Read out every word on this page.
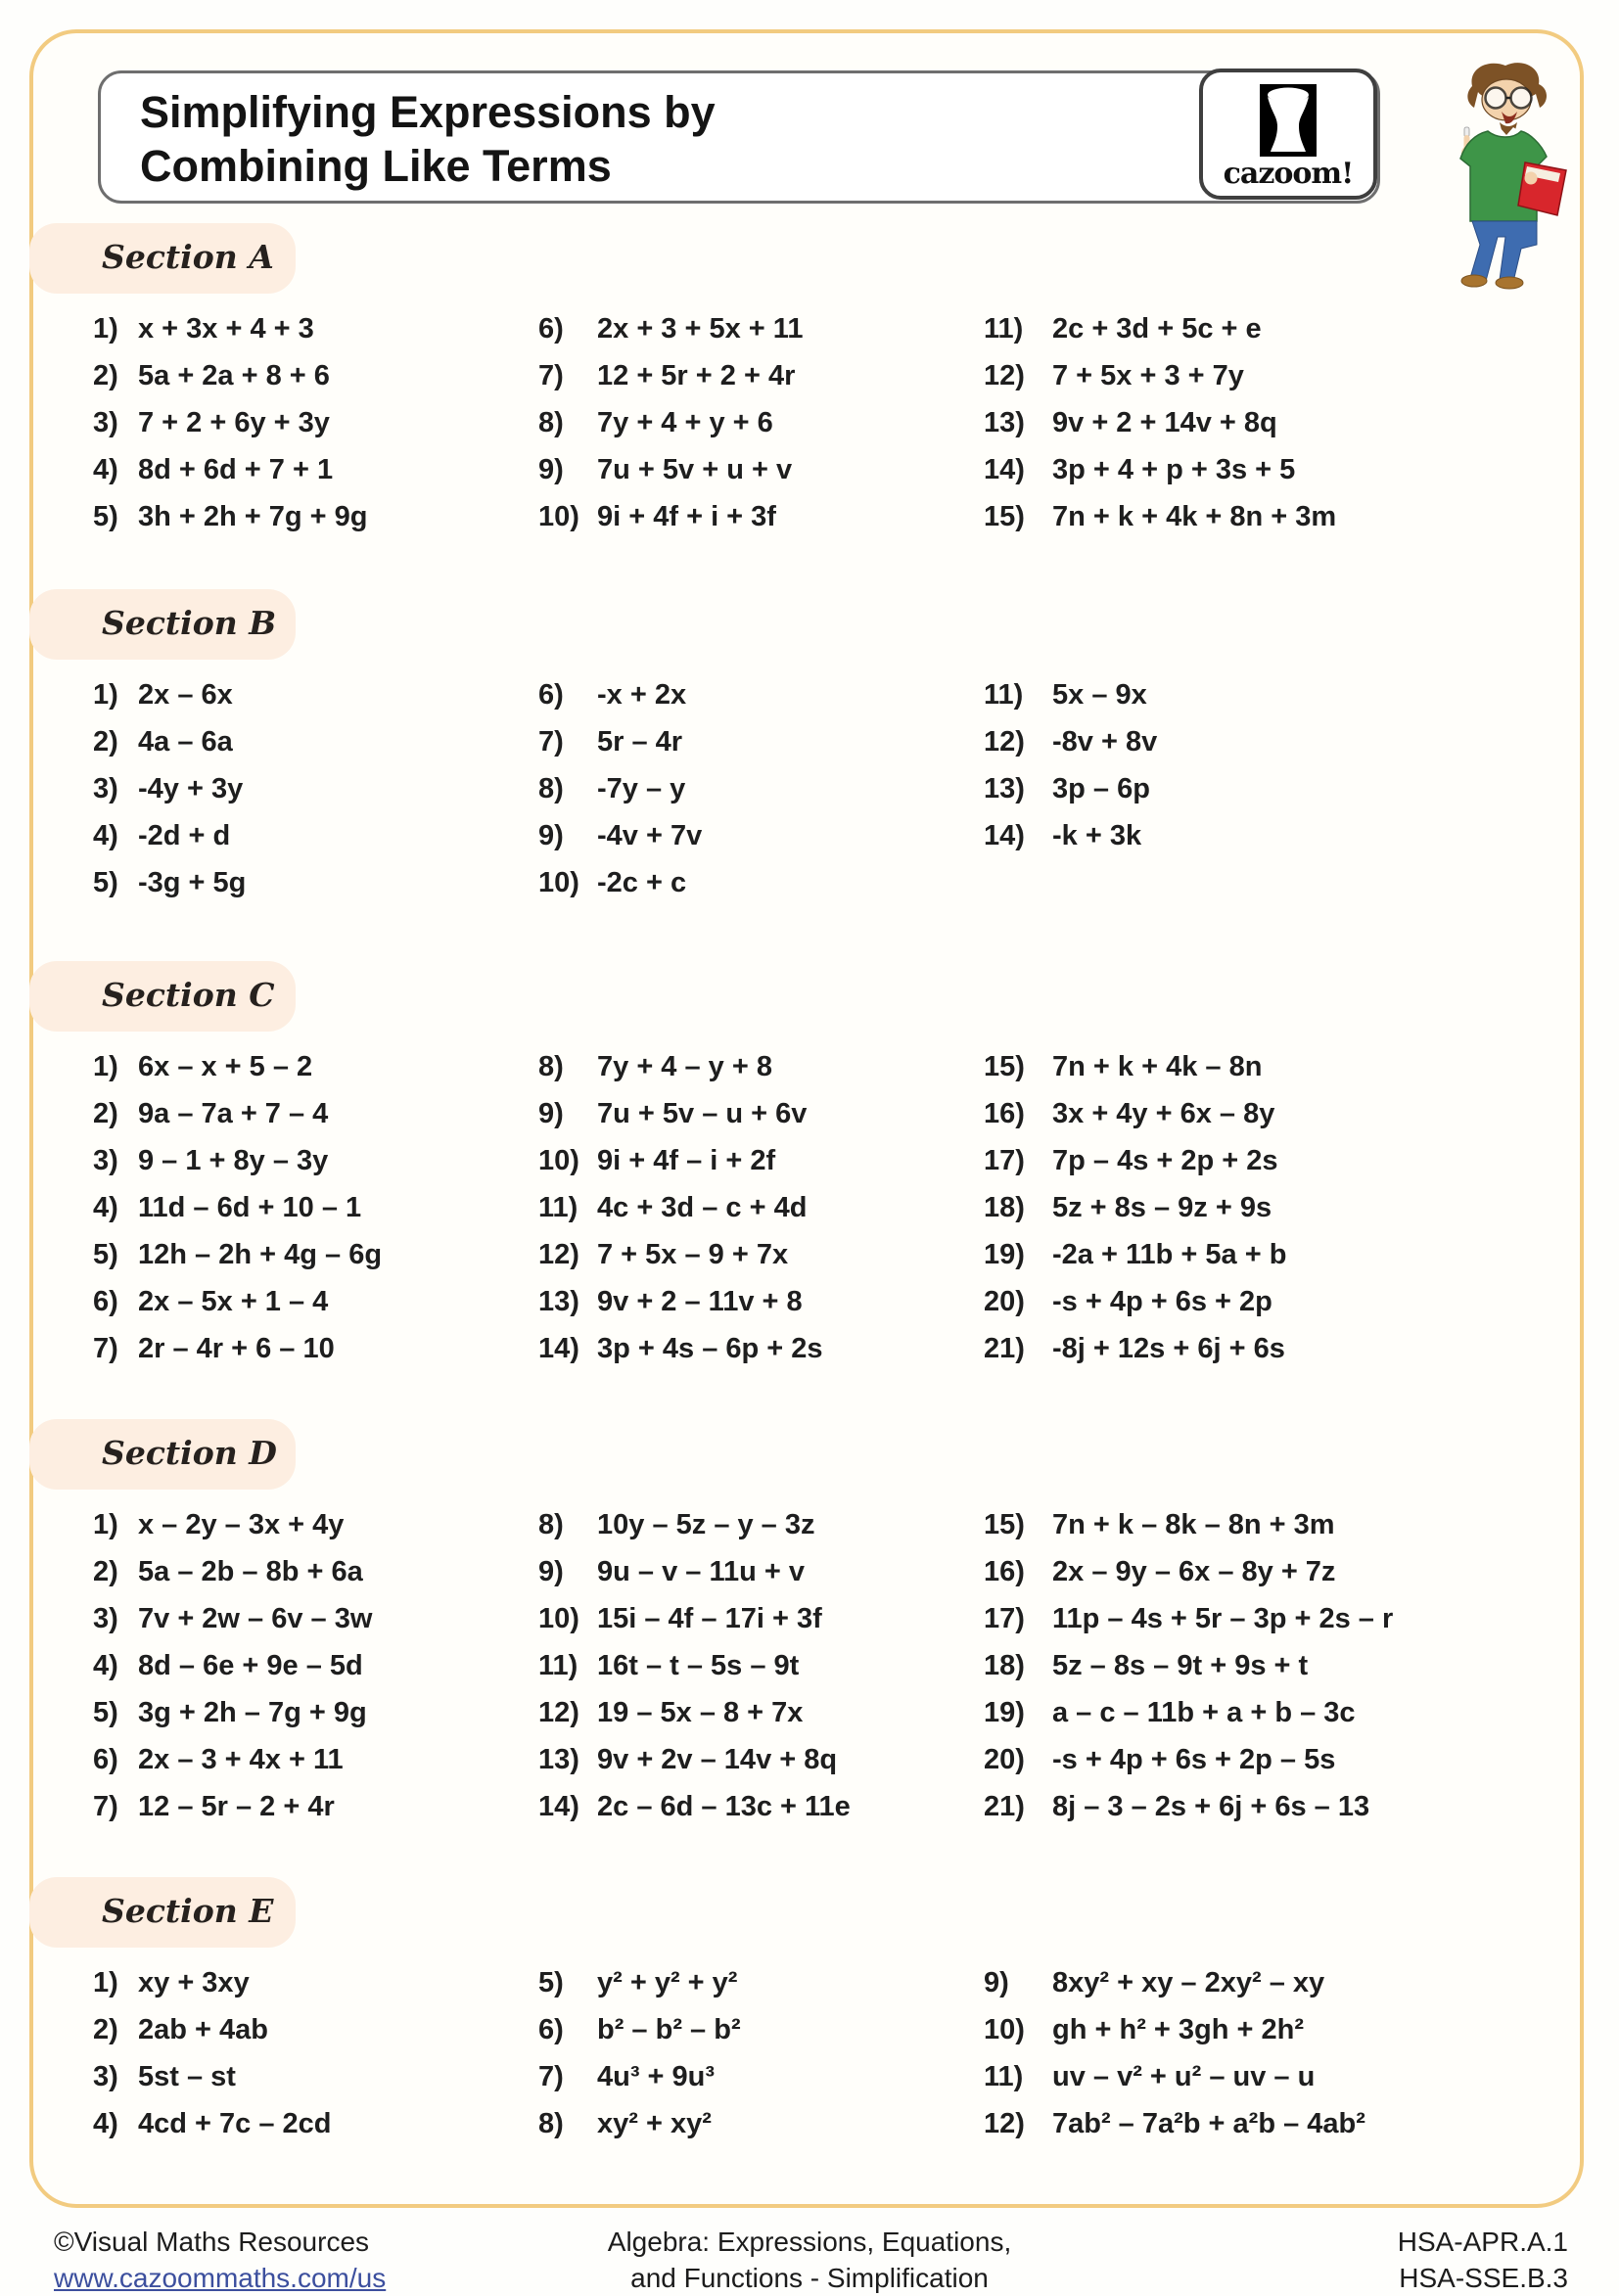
Simplifying Expressions by
Combining Like Terms	cazoom!
Section A
1) x + 3x + 4 + 3
2) 5a + 2a + 8 + 6
3) 7 + 2 + 6y + 3y
4) 8d + 6d + 7 + 1
5) 3h + 2h + 7g + 9g
6)	2x + 3 + 5x + 11
7)	12 + 5r + 2 + 4r
8)	7y + 4 + y + 6
9)	7u + 5v + u + v
10) 9i + 4f + i + 3f
11)	2c + 3d + 5c + e
12) 7 + 5x + 3 + 7y
13) 9v + 2 + 14v + 8q
14) 3p + 4 + p + 3s + 5
15) 7n + k + 4k + 8n + 3m
Section B
1) 2x – 6x
2) 4a – 6a
3) -4y + 3y
4) -2d + d
5) -3g + 5g
6)	-x + 2x
7)	5r – 4r
8)	-7y – y
9)	-4v + 7v
10) -2c + c
11)	5x – 9x
12) -8v + 8v
13) 3p – 6p
14) -k + 3k
Section C
1) 6x – x + 5 – 2
2) 9a – 7a + 7 – 4
3) 9 – 1 + 8y – 3y
4) 11d – 6d + 10 – 1
5) 12h – 2h + 4g – 6g
6) 2x – 5x + 1 – 4
7) 2r – 4r + 6 – 10
8)	7y + 4 – y + 8
9)	7u + 5v – u + 6v
10) 9i + 4f – i + 2f
11) 4c + 3d – c + 4d
12) 7 + 5x – 9 + 7x
13) 9v + 2 – 11v + 8
14) 3p + 4s – 6p + 2s
15) 7n + k + 4k – 8n
16) 3x + 4y + 6x – 8y
17) 7p – 4s + 2p + 2s
18) 5z + 8s – 9z + 9s
19) -2a + 11b + 5a + b
20) -s + 4p + 6s + 2p
21) -8j + 12s + 6j + 6s
Section D
1) x – 2y – 3x + 4y
2) 5a – 2b – 8b + 6a
3) 7v + 2w – 6v – 3w
4) 8d – 6e + 9e – 5d
5) 3g + 2h – 7g + 9g
6) 2x – 3 + 4x + 11
7) 12 – 5r – 2 + 4r
8)	10y – 5z – y – 3z
9)	9u – v – 11u + v
10) 15i – 4f – 17i + 3f
11) 16t – t – 5s – 9t
12) 19 – 5x – 8 + 7x
13) 9v + 2v – 14v + 8q
14) 2c – 6d – 13c + 11e
15) 7n + k – 8k – 8n + 3m
16) 2x – 9y – 6x – 8y + 7z
17) 11p – 4s + 5r – 3p + 2s – r
18) 5z – 8s – 9t + 9s + t
19) a – c – 11b + a + b – 3c
20) -s + 4p + 6s + 2p – 5s
21) 8j – 3 – 2s + 6j + 6s – 13
Section E
1) xy + 3xy
2) 2ab + 4ab
3) 5st – st
4) 4cd + 7c – 2cd
5)	y² + y² + y²
6)	b² – b² – b²
7)	4u³ + 9u³
8)	xy² + xy²
9)	8xy² + xy – 2xy² – xy
10) gh + h² + 3gh + 2h²
11)	uv – v² + u² – uv – u
12) 7ab² – 7a²b + a²b – 4ab²
©Visual Maths Resources
www.cazoommaths.com/us
Algebra: Expressions, Equations,
and Functions - Simplification
HSA-APR.A.1
HSA-SSE.B.3
